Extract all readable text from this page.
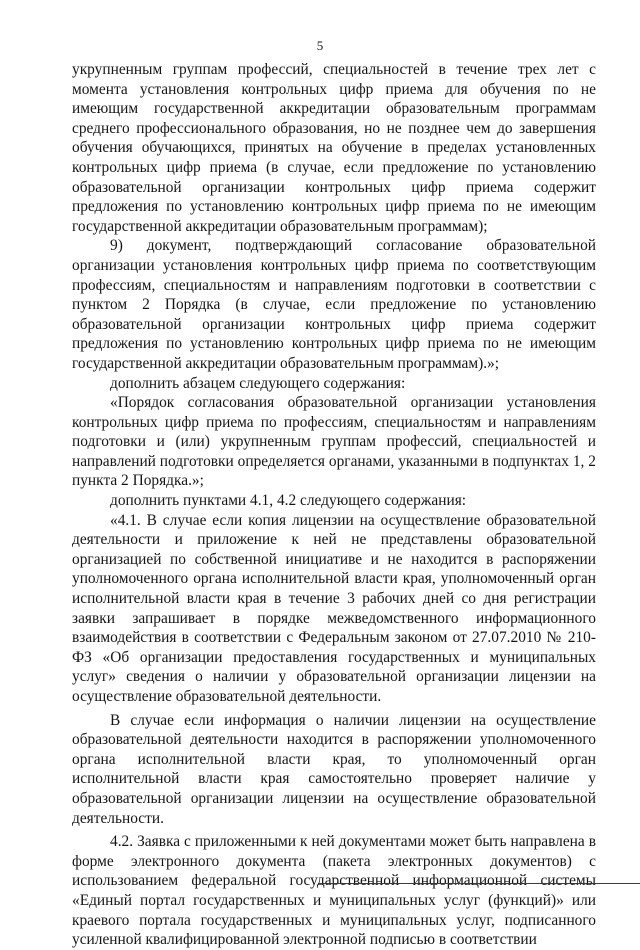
5

укрупненным группам профессий, специальностей в течение трех лет с момента установления контрольных цифр приема для обучения по не имеющим государственной аккредитации образовательным программам среднего профессионального образования, но не позднее чем до завершения обучения обучающихся, принятых на обучение в пределах установленных контрольных цифр приема (в случае, если предложение по установлению образовательной организации контрольных цифр приема содержит предложения по установлению контрольных цифр приема по не имеющим государственной аккредитации образовательным программам);

9) документ, подтверждающий согласование образовательной организации установления контрольных цифр приема по соответствующим профессиям, специальностям и направлениям подготовки в соответствии с пунктом 2 Порядка (в случае, если предложение по установлению образовательной организации контрольных цифр приема содержит предложения по установлению контрольных цифр приема по не имеющим государственной аккредитации образовательным программам).»;

дополнить абзацем следующего содержания:

«Порядок согласования образовательной организации установления контрольных цифр приема по профессиям, специальностям и направлениям подготовки и (или) укрупненным группам профессий, специальностей и направлений подготовки определяется органами, указанными в подпунктах 1, 2 пункта 2 Порядка.»;

дополнить пунктами 4.1, 4.2 следующего содержания:

«4.1. В случае если копия лицензии на осуществление образовательной деятельности и приложение к ней не представлены образовательной организацией по собственной инициативе и не находится в распоряжении уполномоченного органа исполнительной власти края, уполномоченный орган исполнительной власти края в течение 3 рабочих дней со дня регистрации заявки запрашивает в порядке межведомственного информационного взаимодействия в соответствии с Федеральным законом от 27.07.2010 № 210-ФЗ «Об организации предоставления государственных и муниципальных услуг» сведения о наличии у образовательной организации лицензии на осуществление образовательной деятельности.

В случае если информация о наличии лицензии на осуществление образовательной деятельности находится в распоряжении уполномоченного органа исполнительной власти края, то уполномоченный орган исполнительной власти края самостоятельно проверяет наличие у образовательной организации лицензии на осуществление образовательной деятельности.

4.2. Заявка с приложенными к ней документами может быть направлена в форме электронного документа (пакета электронных документов) с использованием федеральной государственной информационной системы «Единый портал государственных и муниципальных услуг (функций)» или краевого портала государственных и муниципальных услуг, подписанного усиленной квалифицированной электронной подписью в соответствии
